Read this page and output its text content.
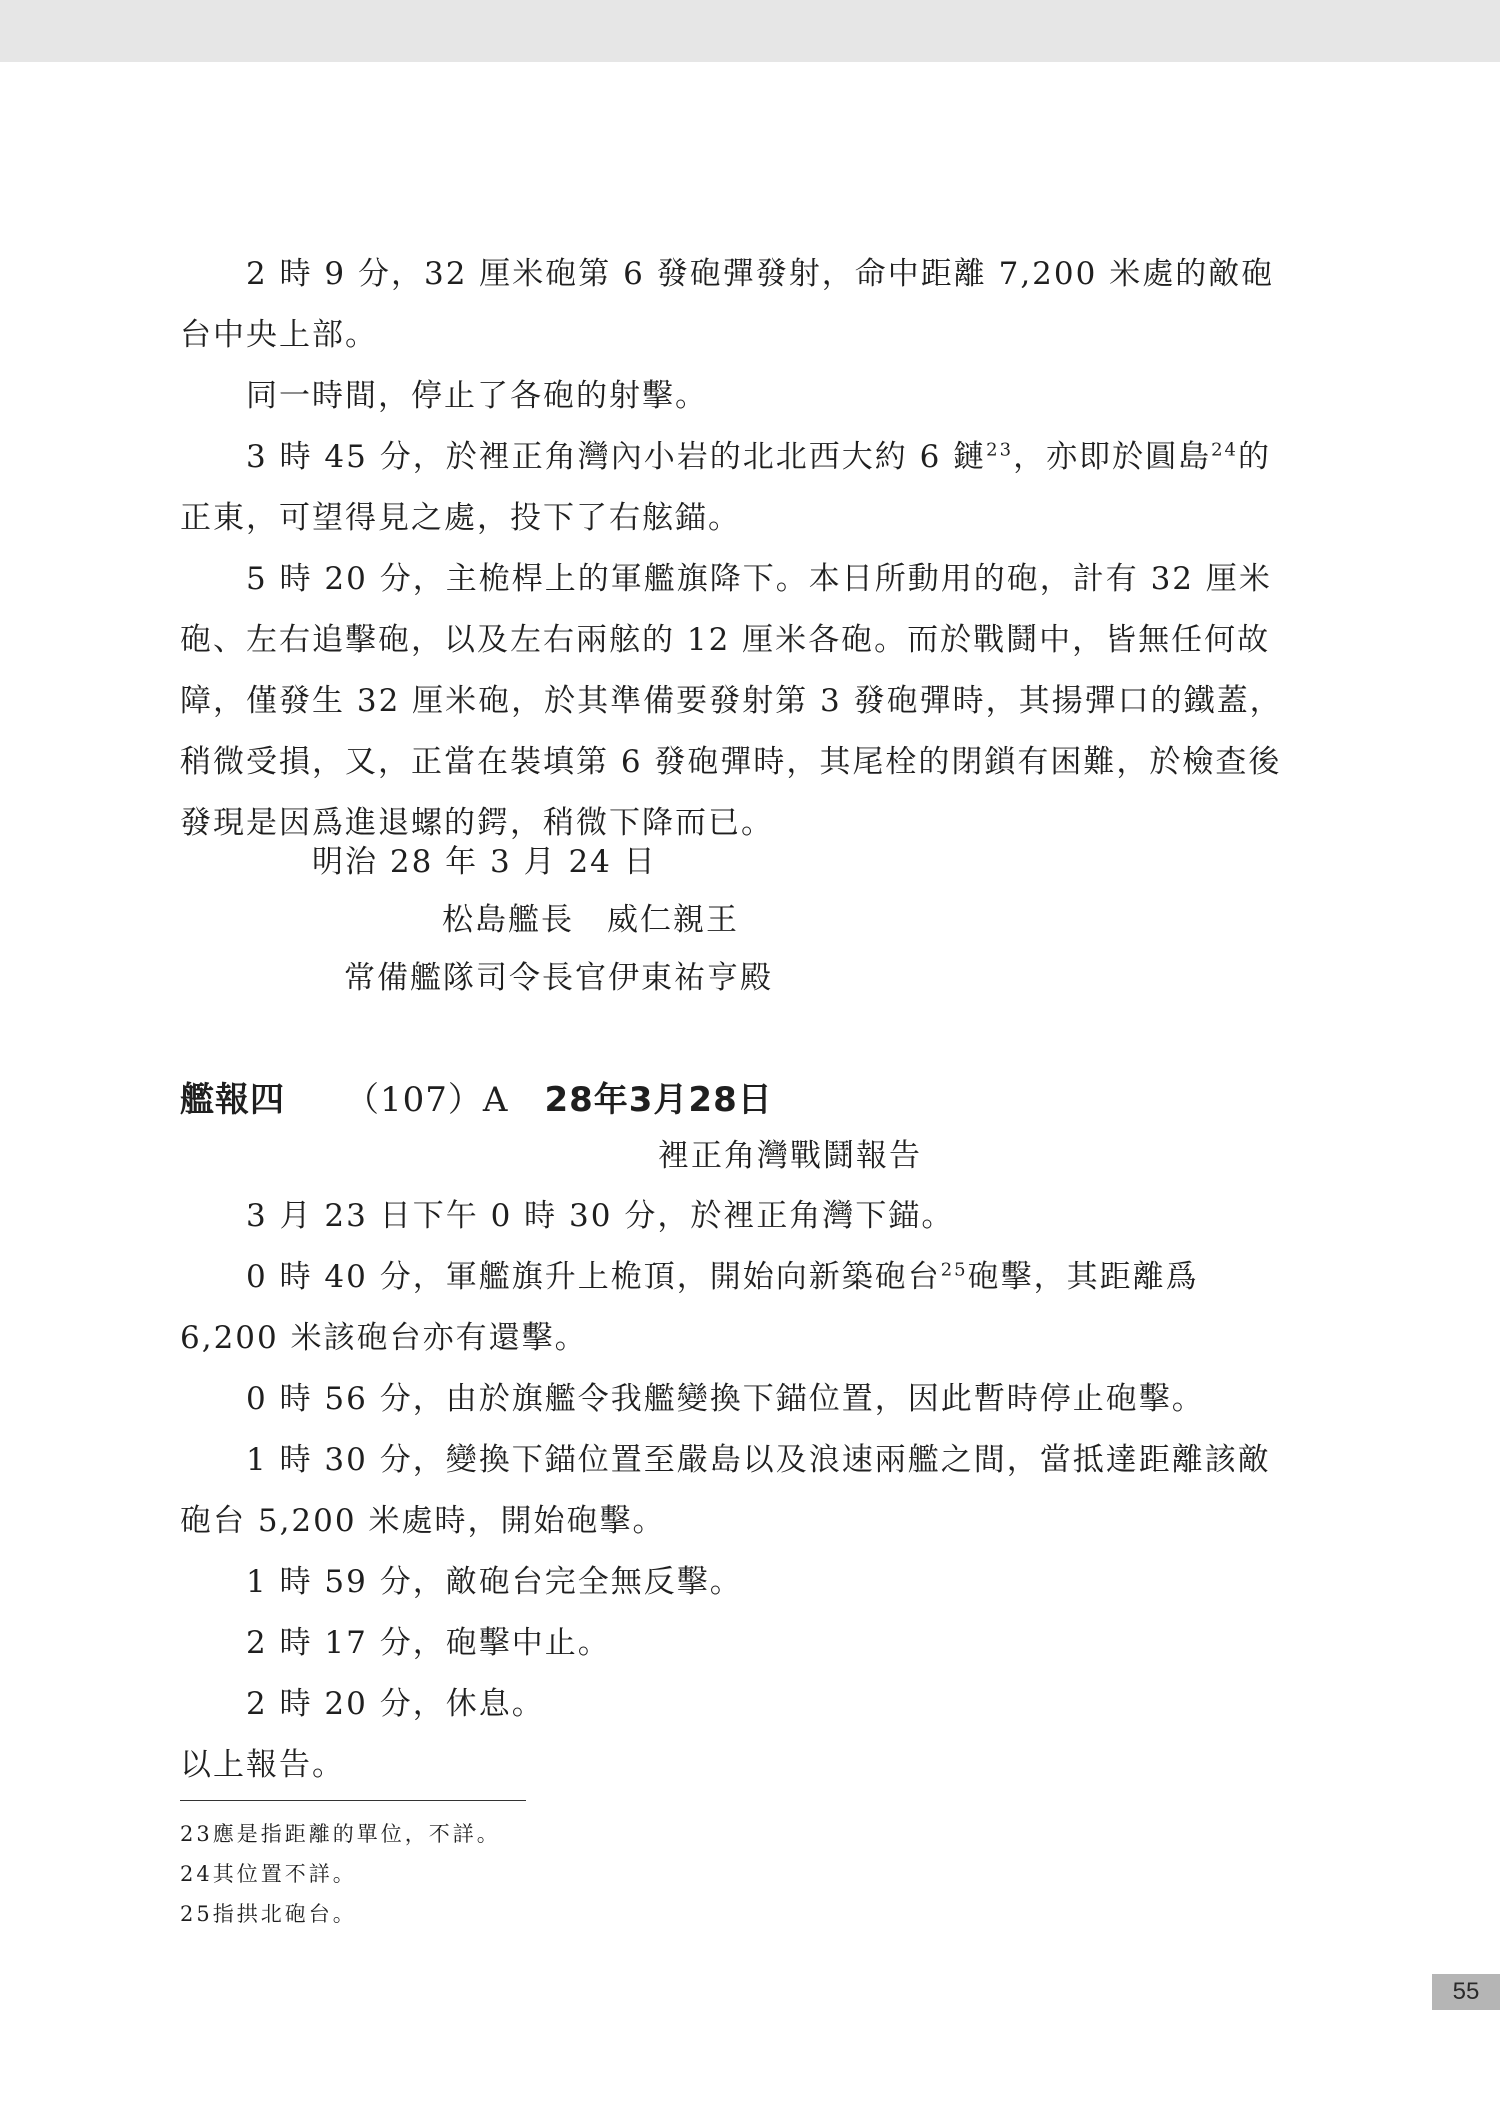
2 時 9 分，32 厘米砲第 6 發砲彈發射，命中距離 7,200 米處的敵砲台中央上部。

同一時間，停止了各砲的射擊。

3 時 45 分，於裡正角灣內小岩的北北西大約 6 鏈$^{23}$，亦即於圓島$^{24}$的正東，可望得見之處，投下了右舷錨。

5 時 20 分，主桅桿上的軍艦旗降下。本日所動用的砲，計有 32 厘米砲、左右追擊砲，以及左右兩舷的 12 厘米各砲。而於戰鬪中，皆無任何故障，僅發生 32 厘米砲，於其準備要發射第 3 發砲彈時，其揚彈口的鐵蓋，稍微受損，又，正當在裝填第 6 發砲彈時，其尾栓的閉鎖有困難，於檢查後發現是因爲進退螺的鍔，稍微下降而已。

明治 28 年 3 月 24 日
松島艦長　威仁親王
常備艦隊司令長官伊東祐亨殿
艦報四 （107）A 28年3月28日
裡正角灣戰鬪報告

3 月 23 日下午 0 時 30 分，於裡正角灣下錨。

0 時 40 分，軍艦旗升上桅頂，開始向新築砲台$^{25}$砲擊，其距離爲 6,200 米該砲台亦有還擊。

0 時 56 分，由於旗艦令我艦變換下錨位置，因此暫時停止砲擊。

1 時 30 分，變換下錨位置至嚴島以及浪速兩艦之間，當抵達距離該敵砲台 5,200 米處時，開始砲擊。

1 時 59 分，敵砲台完全無反擊。

2 時 17 分，砲擊中止。

2 時 20 分，休息。

以上報告。

23應是指距離的單位，不詳。
24其位置不詳。
25指拱北砲台。
55
